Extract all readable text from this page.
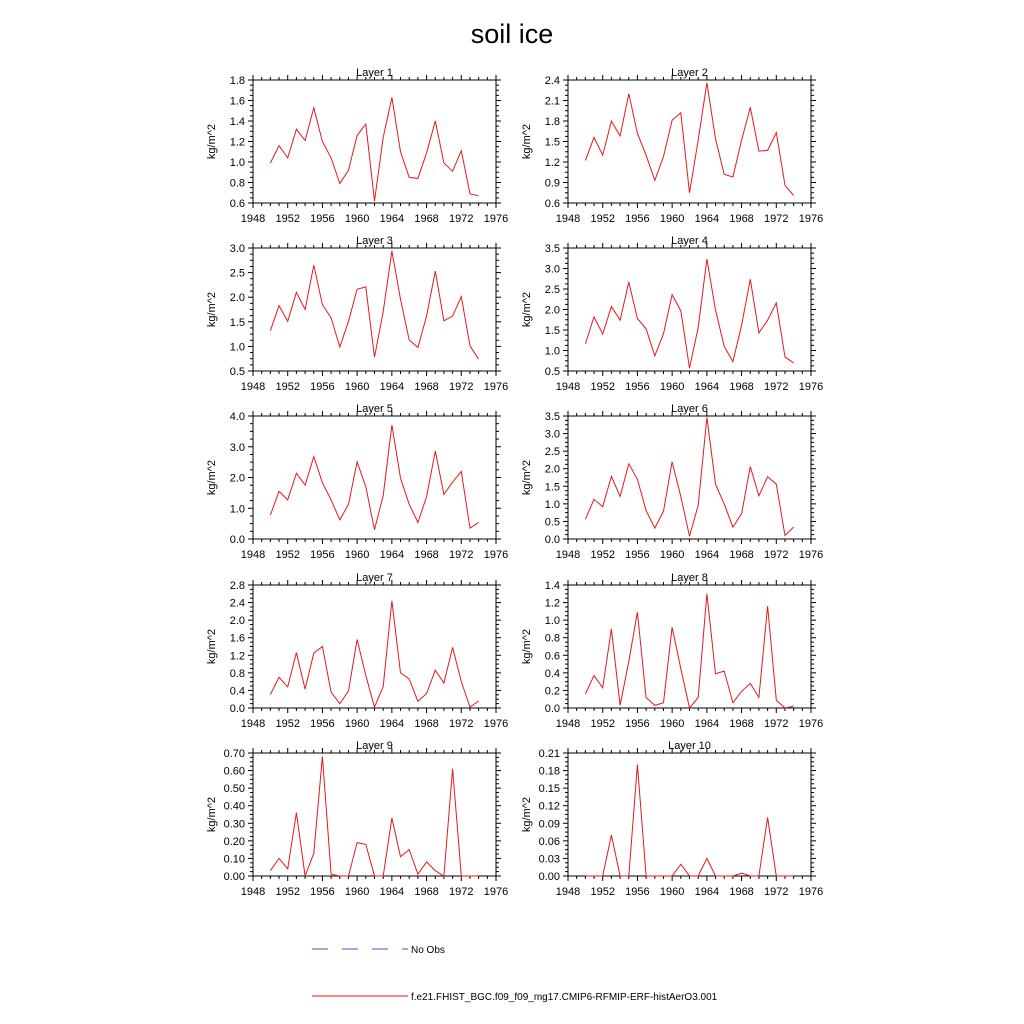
soil ice
Layer 1
kg/m^2
1948 1952 1956 1960 1964 1968 1972 1976
0.6
0.8
1.0
1.2
1.4
1.6
1.8
Layer 2
kg/m^2
1948 1952 1956 1960 1964 1968 1972 1976
0.6
0.9
1.2
1.5
1.8
2.1
2.4
Layer 3
kg/m^2
1948 1952 1956 1960 1964 1968 1972 1976
0.5
1.0
1.5
2.0
2.5
3.0
Layer 4
kg/m^2
1948 1952 1956 1960 1964 1968 1972 1976
0.5
1.0
1.5
2.0
2.5
3.0
3.5
Layer 5
kg/m^2
1948 1952 1956 1960 1964 1968 1972 1976
0.0
1.0
2.0
3.0
4.0
Layer 6
kg/m^2
1948 1952 1956 1960 1964 1968 1972 1976
0.0
0.5
1.0
1.5
2.0
2.5
3.0
3.5
Layer 7
kg/m^2
1948 1952 1956 1960 1964 1968 1972 1976
0.0
0.4
0.8
1.2
1.6
2.0
2.4
2.8
Layer 8
kg/m^2
1948 1952 1956 1960 1964 1968 1972 1976
0.0
0.2
0.4
0.6
0.8
1.0
1.2
1.4
Layer 9
kg/m^2
1948 1952 1956 1960 1964 1968 1972 1976
0.00
0.10
0.20
0.30
0.40
0.50
0.60
0.70
Layer 10
kg/m^2
1948 1952 1956 1960 1964 1968 1972 1976
0.00
0.03
0.06
0.09
0.12
0.15
0.18
0.21
No Obs
f.e21.FHIST_BGC.f09_f09_mg17.CMIP6-RFMIP-ERF-histAerO3.001
